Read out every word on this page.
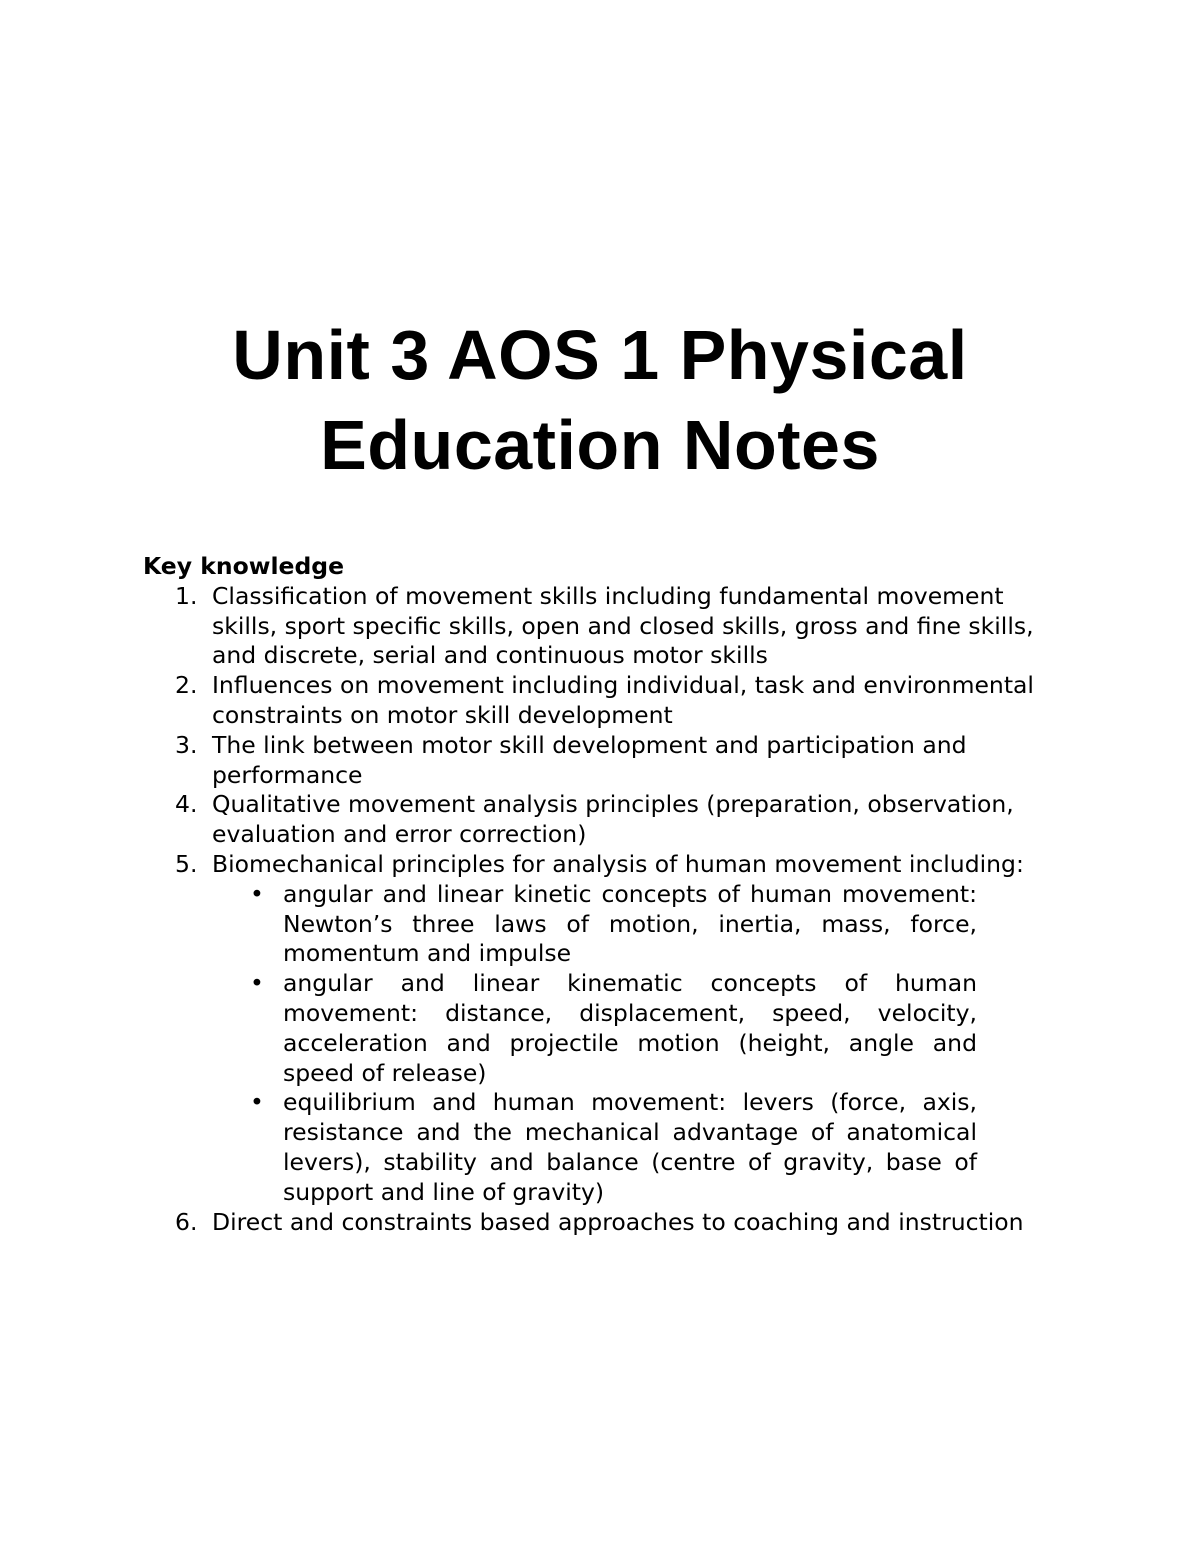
Unit 3 AOS 1 Physical
Education Notes

Key knowledge

1. Classification of movement skills including fundamental movement skills, sport specific skills, open and closed skills, gross and fine skills, and discrete, serial and continuous motor skills
2. Influences on movement including individual, task and environmental constraints on motor skill development
3. The link between motor skill development and participation and performance
4. Qualitative movement analysis principles (preparation, observation, evaluation and error correction)
5. Biomechanical principles for analysis of human movement including:
• angular and linear kinetic concepts of human movement: Newton’s three laws of motion, inertia, mass, force, momentum and impulse
• angular and linear kinematic concepts of human movement: distance, displacement, speed, velocity, acceleration and projectile motion (height, angle and speed of release)
• equilibrium and human movement: levers (force, axis, resistance and the mechanical advantage of anatomical levers), stability and balance (centre of gravity, base of support and line of gravity)
6. Direct and constraints based approaches to coaching and instruction
